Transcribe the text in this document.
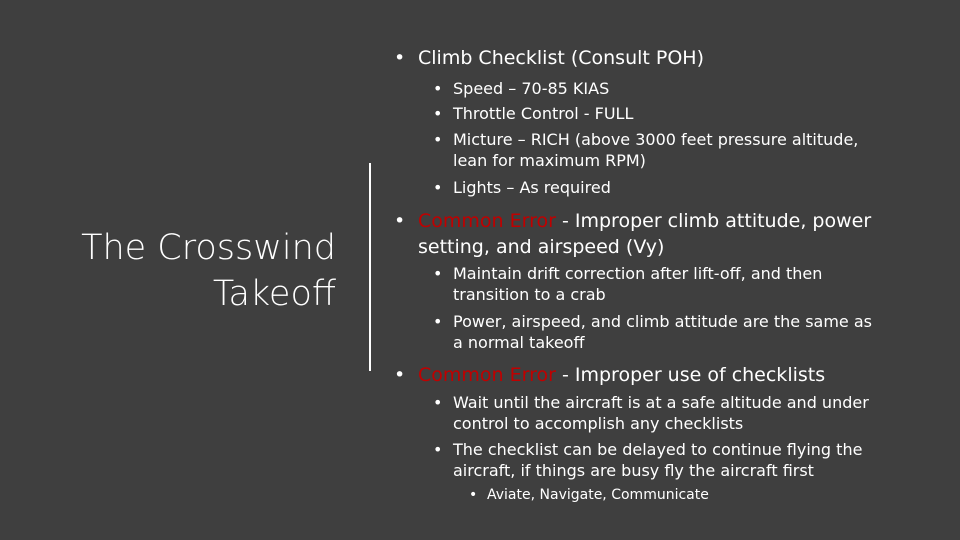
The Crosswind
Takeoff
• Climb Checklist (Consult POH)
• Speed – 70-85 KIAS
• Throttle Control - FULL
• Micture – RICH (above 3000 feet pressure altitude,
lean for maximum RPM)
• Lights – As required
• Common Error - Improper climb attitude, power
setting, and airspeed (Vy)
• Maintain drift correction after lift-off, and then
transition to a crab
• Power, airspeed, and climb attitude are the same as
a normal takeoff
• Common Error - Improper use of checklists
• Wait until the aircraft is at a safe altitude and under
control to accomplish any checklists
• The checklist can be delayed to continue flying the
aircraft, if things are busy fly the aircraft first
• Aviate, Navigate, Communicate
